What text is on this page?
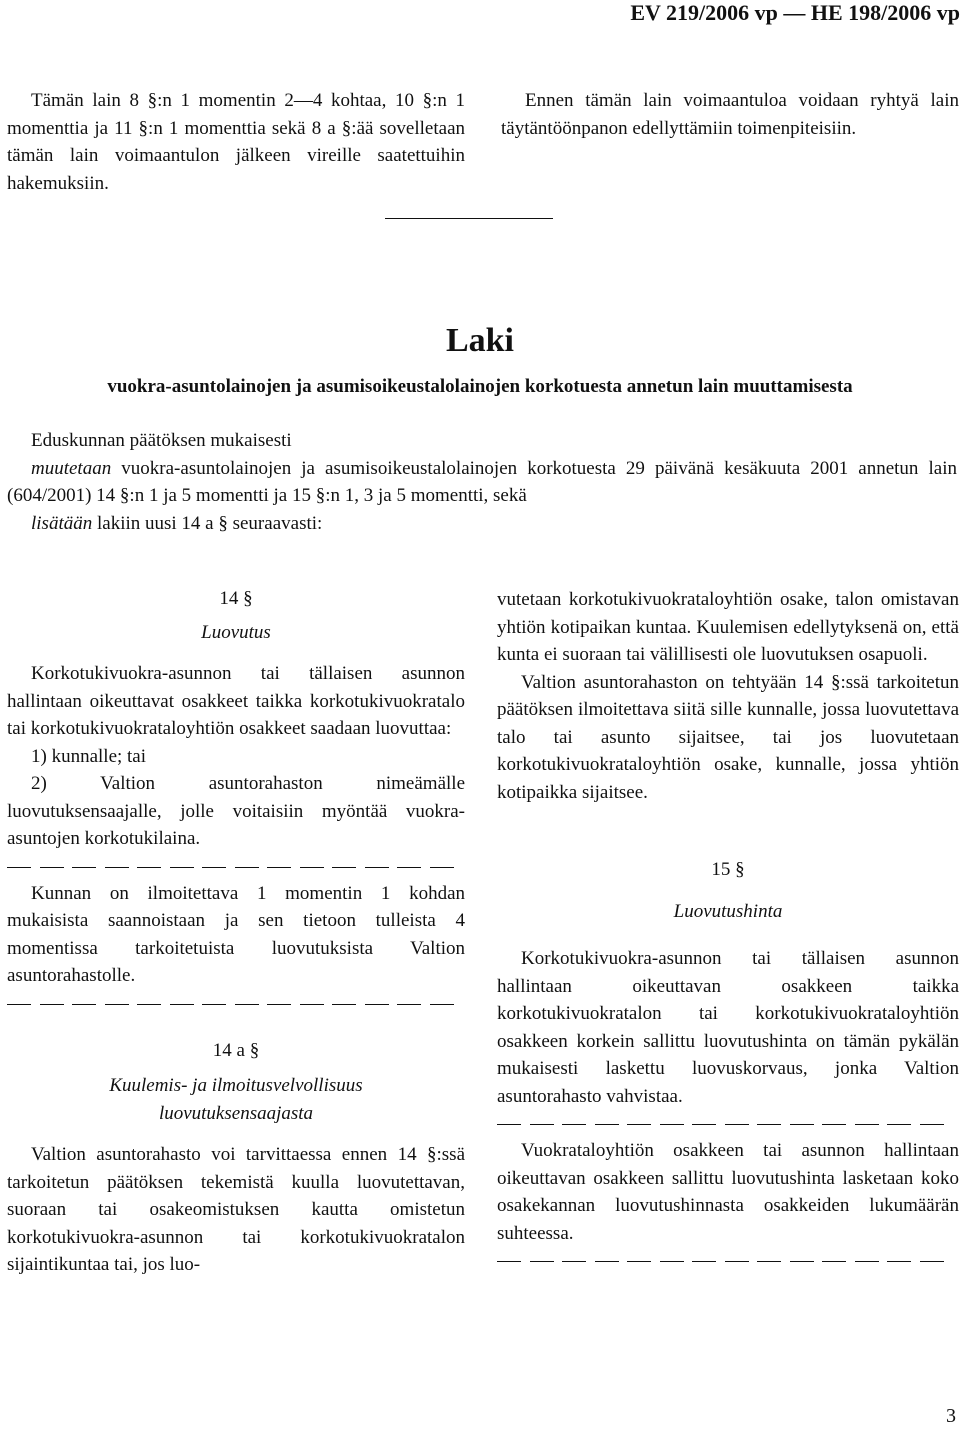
EV 219/2006 vp — HE 198/2006 vp

Tämän lain 8 §:n 1 momentin 2—4 kohtaa, 10 §:n 1 momenttia ja 11 §:n 1 momenttia sekä 8 a §:ää sovelletaan tämän lain voimaantulon jälkeen vireille saatettuihin hakemuksiin.

Ennen tämän lain voimaantuloa voidaan ryhtyä lain täytäntöönpanon edellyttämiin toimenpiteisiin.

Laki
vuokra-asuntolainojen ja asumisoikeustalolainojen korkotuesta annetun lain muuttamisesta

Eduskunnan päätöksen mukaisesti

muutetaan vuokra-asuntolainojen ja asumisoikeustalolainojen korkotuesta 29 päivänä kesäkuuta 2001 annetun lain (604/2001) 14 §:n 1 ja 5 momentti ja 15 §:n 1, 3 ja 5 momentti, sekä

lisätään lakiin uusi 14 a § seuraavasti:

14 §

Luovutus

Korkotukivuokra-asunnon tai tällaisen asunnon hallintaan oikeuttavat osakkeet taikka korkotukivuokratalo tai korkotukivuokrataloyhtiön osakkeet saadaan luovuttaa:

1) kunnalle; tai

2) Valtion asuntorahaston nimeämälle luovutuksensaajalle, jolle voitaisiin myöntää vuokra-asuntojen korkotukilaina.

Kunnan on ilmoitettava 1 momentin 1 kohdan mukaisista saannoistaan ja sen tietoon tulleista 4 momentissa tarkoitetuista luovutuksista Valtion asuntorahastolle.

14 a §

Kuulemis- ja ilmoitusvelvollisuus luovutuksensaajasta

Valtion asuntorahasto voi tarvittaessa ennen 14 §:ssä tarkoitetun päätöksen tekemistä kuulla luovutettavan, suoraan tai osakeomistuksen kautta omistetun korkotukivuokra-asunnon tai korkotukivuokratalon sijaintikuntaa tai, jos luo-

vutetaan korkotukivuokrataloyhtiön osake, talon omistavan yhtiön kotipaikan kuntaa. Kuulemisen edellytyksenä on, että kunta ei suoraan tai välillisesti ole luovutuksen osapuoli.

Valtion asuntorahaston on tehtyään 14 §:ssä tarkoitetun päätöksen ilmoitettava siitä sille kunnalle, jossa luovutettava talo tai asunto sijaitsee, tai jos luovutetaan korkotukivuokrataloyhtiön osake, kunnalle, jossa yhtiön kotipaikka sijaitsee.

15 §

Luovutushinta

Korkotukivuokra-asunnon tai tällaisen asunnon hallintaan oikeuttavan osakkeen taikka korkotukivuokratalon tai korkotukivuokrataloyhtiön osakkeen korkein sallittu luovutushinta on tämän pykälän mukaisesti laskettu luovuskorvaus, jonka Valtion asuntorahasto vahvistaa.

Vuokrataloyhtiön osakkeen tai asunnon hallintaan oikeuttavan osakkeen sallittu luovutushinta lasketaan koko osakekannan luovutushinnasta osakkeiden lukumäärän suhteessa.

3
